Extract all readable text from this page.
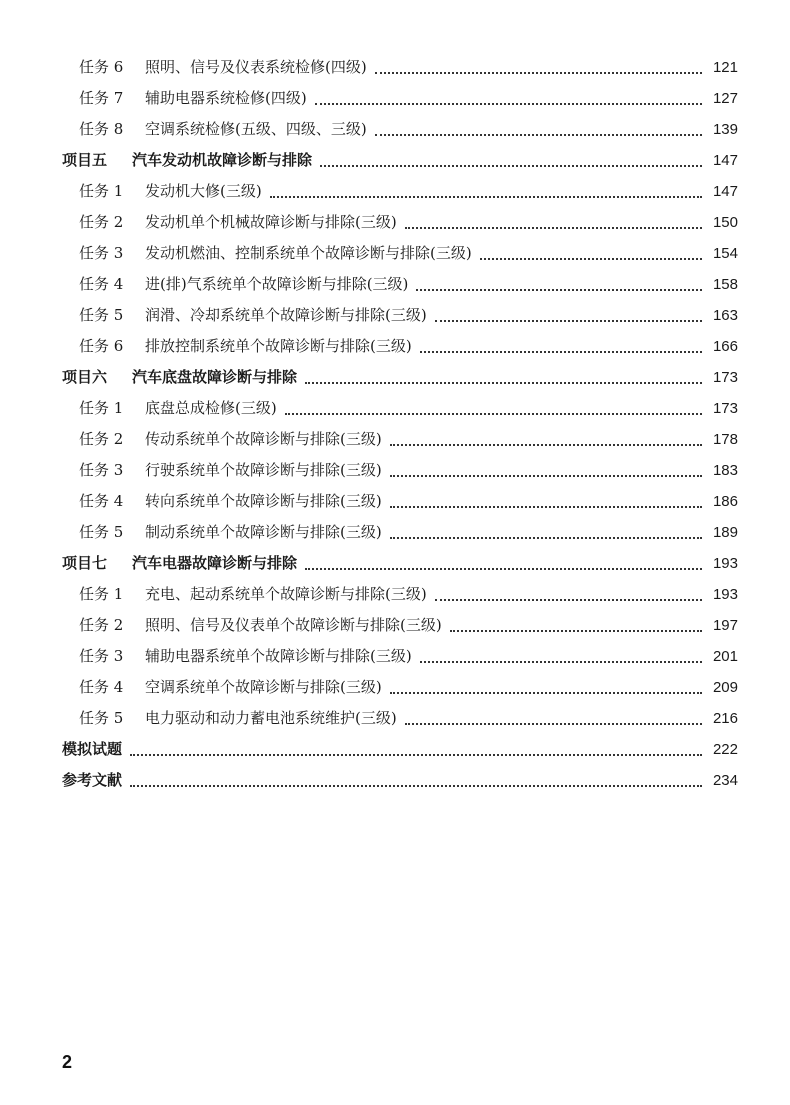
任务 6 照明、信号及仪表系统检修(四级)	121
任务 7 辅助电器系统检修(四级)	127
任务 8 空调系统检修(五级、四级、三级)	139
项目五 汽车发动机故障诊断与排除	147
任务 1 发动机大修(三级)	147
任务 2 发动机单个机械故障诊断与排除(三级)	150
任务 3 发动机燃油、控制系统单个故障诊断与排除(三级)	154
任务 4 进(排)气系统单个故障诊断与排除(三级)	158
任务 5 润滑、冷却系统单个故障诊断与排除(三级)	163
任务 6 排放控制系统单个故障诊断与排除(三级)	166
项目六 汽车底盘故障诊断与排除	173
任务 1 底盘总成检修(三级)	173
任务 2 传动系统单个故障诊断与排除(三级)	178
任务 3 行驶系统单个故障诊断与排除(三级)	183
任务 4 转向系统单个故障诊断与排除(三级)	186
任务 5 制动系统单个故障诊断与排除(三级)	189
项目七 汽车电器故障诊断与排除	193
任务 1 充电、起动系统单个故障诊断与排除(三级)	193
任务 2 照明、信号及仪表单个故障诊断与排除(三级)	197
任务 3 辅助电器系统单个故障诊断与排除(三级)	201
任务 4 空调系统单个故障诊断与排除(三级)	209
任务 5 电力驱动和动力蓄电池系统维护(三级)	216
模拟试题	222
参考文献	234
2
